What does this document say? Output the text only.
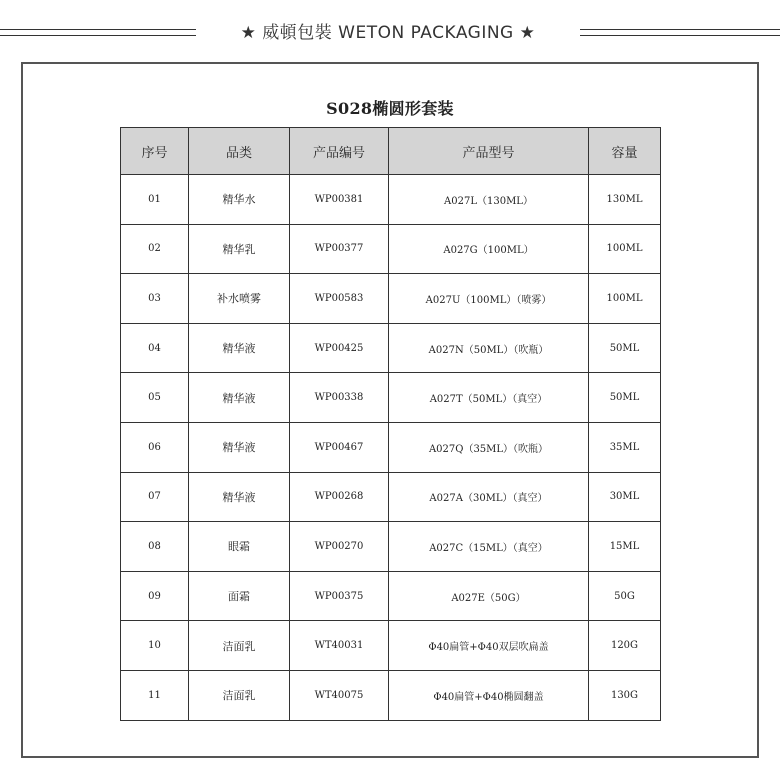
★ 威頓包裝 WETON PACKAGING ★
S028椭圆形套装
序号	品类	产品编号	产品型号	容量
01	精华水	WP00381	A027L（130ML）	130ML
02	精华乳	WP00377	A027G（100ML）	100ML
03	补水喷雾	WP00583	A027U（100ML）（喷雾）	100ML
04	精华液	WP00425	A027N（50ML）（吹瓶）	50ML
05	精华液	WP00338	A027T（50ML）（真空）	50ML
06	精华液	WP00467	A027Q（35ML）（吹瓶）	35ML
07	精华液	WP00268	A027A（30ML）（真空）	30ML
08	眼霜	WP00270	A027C（15ML）（真空）	15ML
09	面霜	WP00375	A027E（50G）	50G
10	洁面乳	WT40031	Φ40扁管+Φ40双层吹扁盖	120G
11	洁面乳	WT40075	Φ40扁管+Φ40椭圆翻盖	130G
